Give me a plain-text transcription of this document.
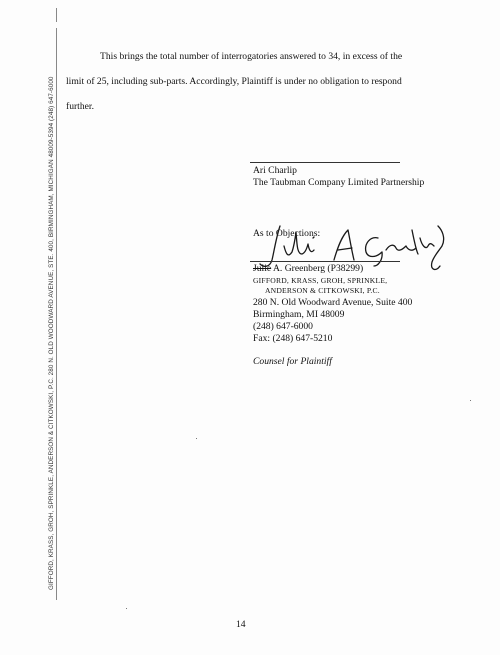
GIFFORD, KRASS, GROH, SPRINKLE, ANDERSON & CITKOWSKI, P.C. 280 N. OLD WOODWARD AVENUE, STE. 400, BIRMINGHAM, MICHIGAN 48009-5394 (248) 647-6000
This brings the total number of interrogatories answered to 34, in excess of the
limit of 25, including sub-parts. Accordingly, Plaintiff is under no obligation to respond
further.
Ari Charlip
The Taubman Company Limited Partnership
As to Objections:
Julie A. Greenberg (P38299)
GIFFORD, KRASS, GROH, SPRINKLE,
ANDERSON & CITKOWSKI, P.C.
280 N. Old Woodward Avenue, Suite 400
Birmingham, MI 48009
(248) 647-6000
Fax: (248) 647-5210
Counsel for Plaintiff
14
